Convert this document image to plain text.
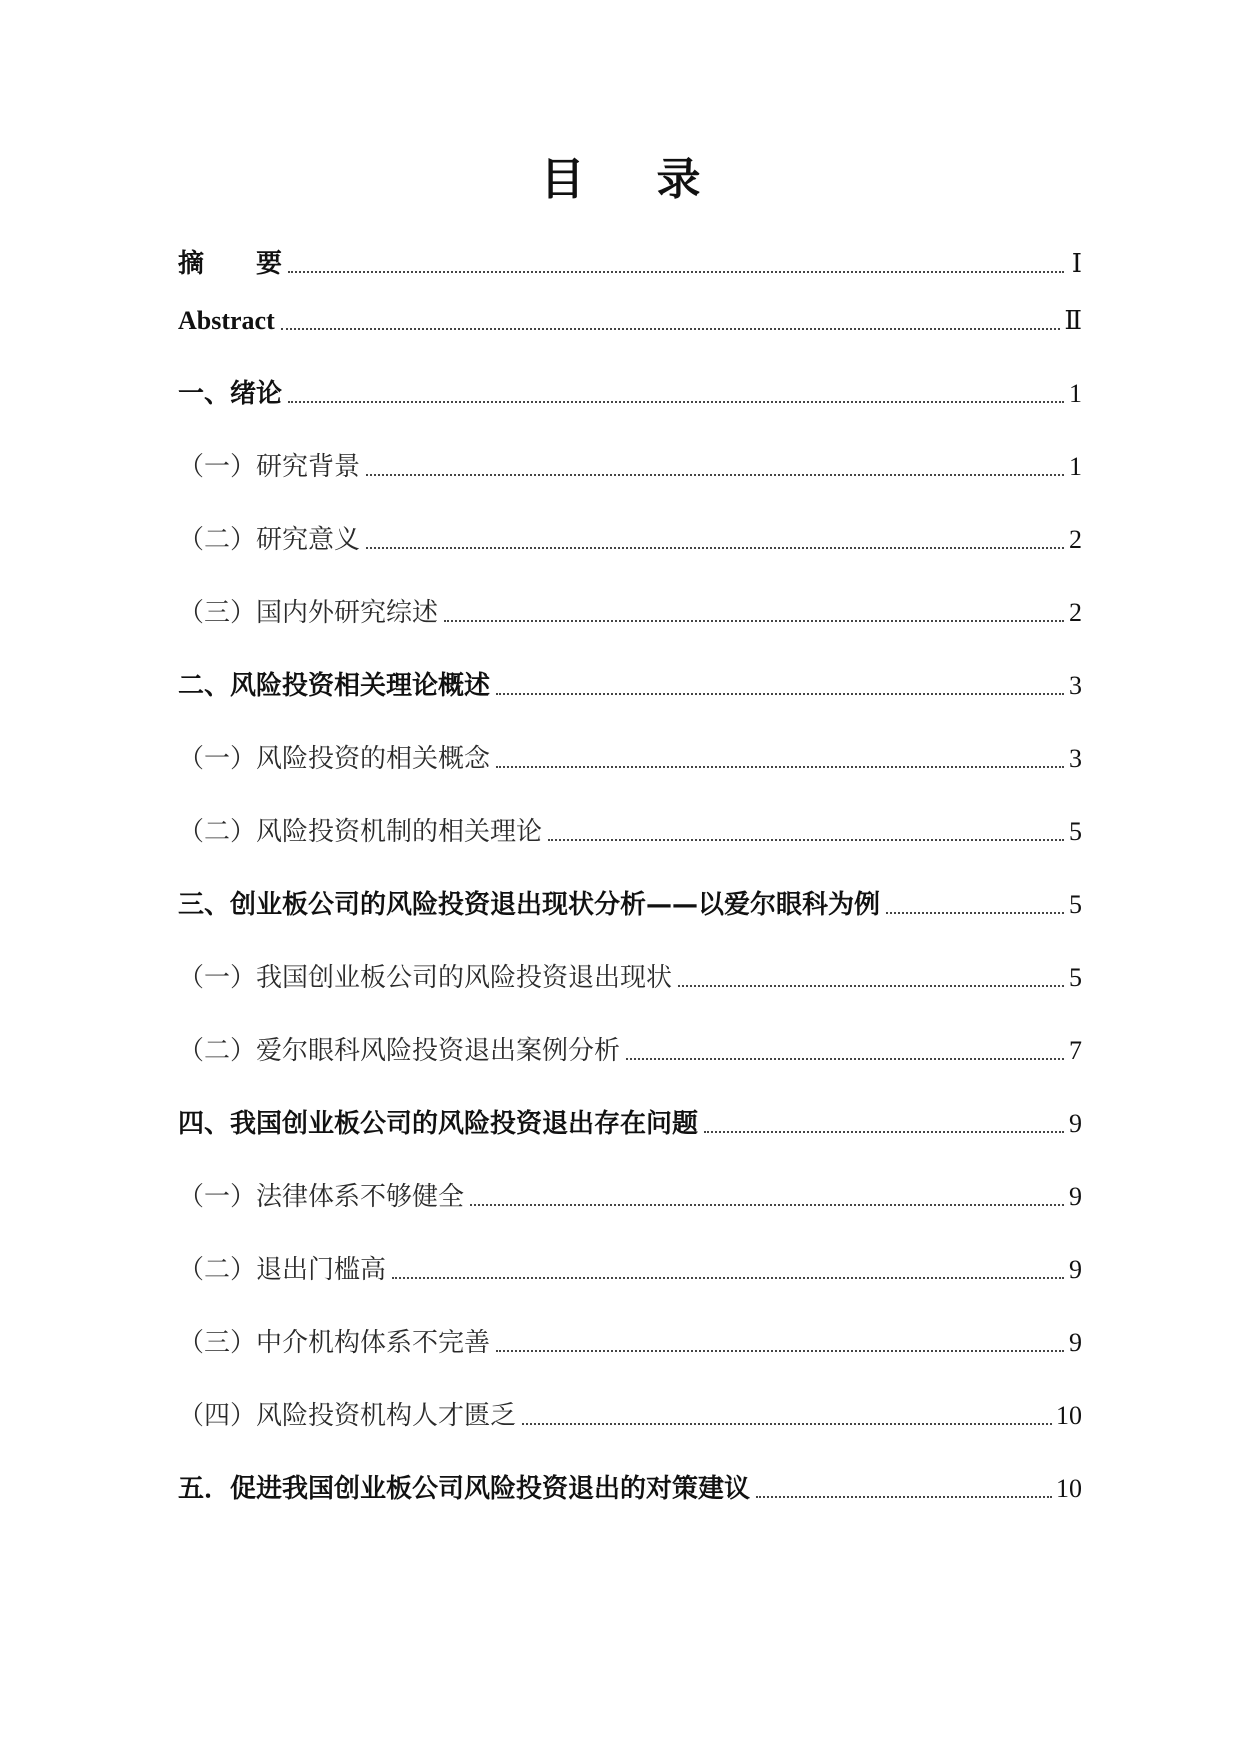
目录
摘　　要	Ⅰ
Abstract	Ⅱ
一、绪论	1
（一）研究背景	1
（二）研究意义	2
（三）国内外研究综述	2
二、风险投资相关理论概述	3
（一）风险投资的相关概念	3
（二）风险投资机制的相关理论	5
三、创业板公司的风险投资退出现状分析——以爱尔眼科为例	5
（一）我国创业板公司的风险投资退出现状	5
（二）爱尔眼科风险投资退出案例分析	7
四、我国创业板公司的风险投资退出存在问题	9
（一）法律体系不够健全	9
（二）退出门槛高	9
（三）中介机构体系不完善	9
（四）风险投资机构人才匮乏	10
五．促进我国创业板公司风险投资退出的对策建议	10
